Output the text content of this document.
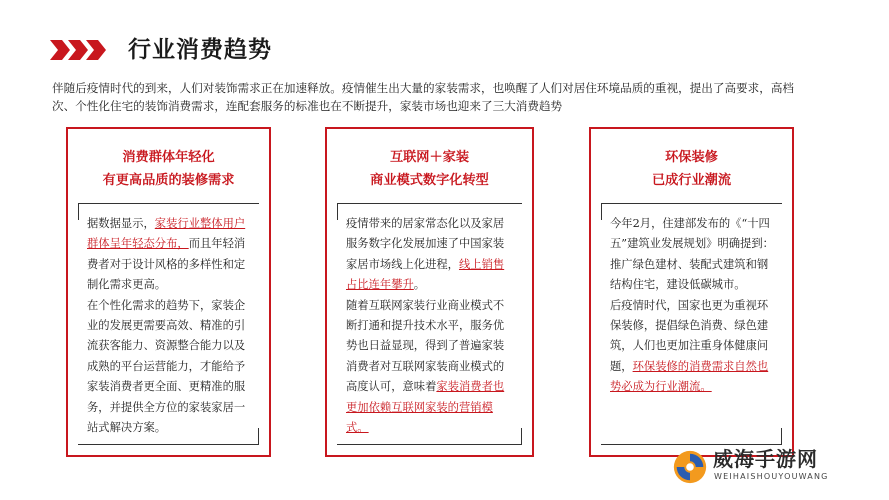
行业消费趋势
伴随后疫情时代的到来，人们对装饰需求正在加速释放。疫情催生出大量的家装需求，也唤醒了人们对居住环境品质的重视，提出了高要求，高档次、个性化住宅的装饰消费需求，连配套服务的标准也在不断提升，家装市场也迎来了三大消费趋势
消费群体年轻化
有更高品质的装修需求
据数据显示，家装行业整体用户群体呈年轻态分布，而且年轻消费者对于设计风格的多样性和定制化需求更高。
在个性化需求的趋势下，家装企业的发展更需要高效、精准的引流获客能力、资源整合能力以及成熟的平台运营能力，才能给予家装消费者更全面、更精准的服务，并提供全方位的家装家居一站式解决方案。
互联网＋家装
商业模式数字化转型
疫情带来的居家常态化以及家居服务数字化发展加速了中国家装家居市场线上化进程，线上销售占比连年攀升。
随着互联网家装行业商业模式不断打通和提升技术水平，服务优势也日益显现，得到了普遍家装消费者对互联网家装商业模式的高度认可，意味着家装消费者也更加依赖互联网家装的营销模式。
环保装修
已成行业潮流
今年2月，住建部发布的《“十四五”建筑业发展规划》明确提到：推广绿色建材、装配式建筑和钢结构住宅，建设低碳城市。
后疫情时代，国家也更为重视环保装修，提倡绿色消费、绿色建筑，人们也更加注重身体健康问题，环保装修的消费需求自然也势必成为行业潮流。
威海手游网
WEIHAISHOUYOUWANG
